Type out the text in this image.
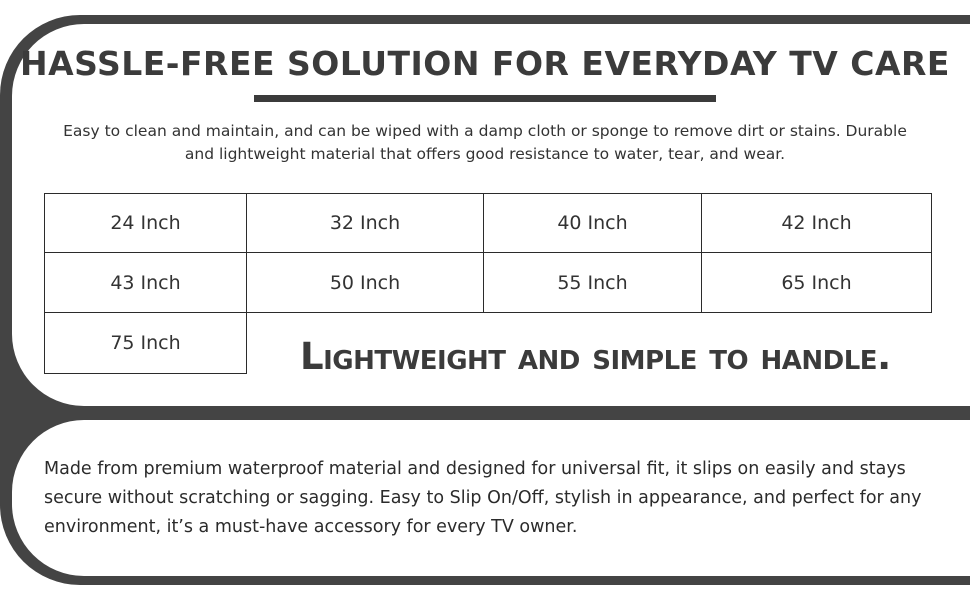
HASSLE-FREE SOLUTION FOR EVERYDAY TV CARE

Easy to clean and maintain, and can be wiped with a damp cloth or sponge to remove dirt or stains. Durable and lightweight material that offers good resistance to water, tear, and wear.

24 Inch	32 Inch	40 Inch	42 Inch
43 Inch	50 Inch	55 Inch	65 Inch
75 Inch	Lightweight and simple to handle.

Made from premium waterproof material and designed for universal fit, it slips on easily and stays secure without scratching or sagging. Easy to Slip On/Off, stylish in appearance, and perfect for any environment, it’s a must-have accessory for every TV owner.
